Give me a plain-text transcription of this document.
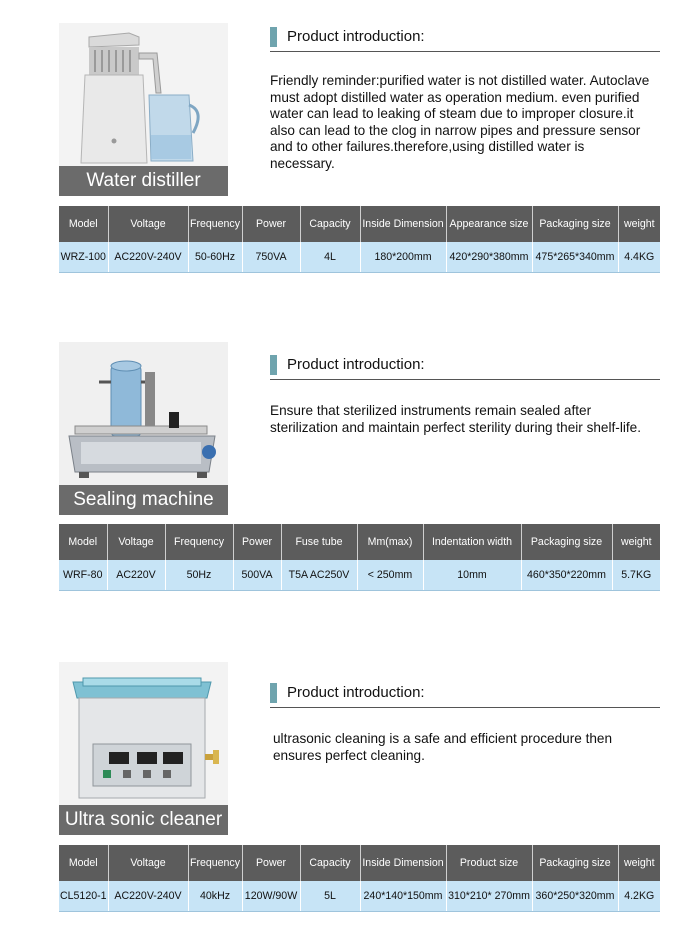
Water distiller
Product introduction:
Friendly reminder:purified water is not distilled water. Autoclave must adopt distilled water as operation medium. even purified water can lead to leaking of steam due to improper closure.it also can lead to the clog in narrow pipes and pressure sensor and to other failures.therefore,using distilled water is necessary.
Model	Voltage	Frequency	Power	Capacity	Inside Dimension	Appearance size	Packaging size	weight
WRZ-100	AC220V-240V	50-60Hz	750VA	4L	180*200mm	420*290*380mm	475*265*340mm	4.4KG
Sealing machine
Product introduction:
Ensure that sterilized instruments remain sealed after sterilization and maintain perfect sterility during their shelf-life.
Model	Voltage	Frequency	Power	Fuse tube	Mm(max)	Indentation width	Packaging size	weight
WRF-80	AC220V	50Hz	500VA	T5A AC250V	< 250mm	10mm	460*350*220mm	5.7KG
Ultra sonic cleaner
Product introduction:
ultrasonic cleaning is a safe and efficient procedure then ensures perfect cleaning.
Model	Voltage	Frequency	Power	Capacity	Inside Dimension	Product size	Packaging size	weight
CL5120-1	AC220V-240V	40kHz	120W/90W	5L	240*140*150mm	310*210* 270mm	360*250*320mm	4.2KG
